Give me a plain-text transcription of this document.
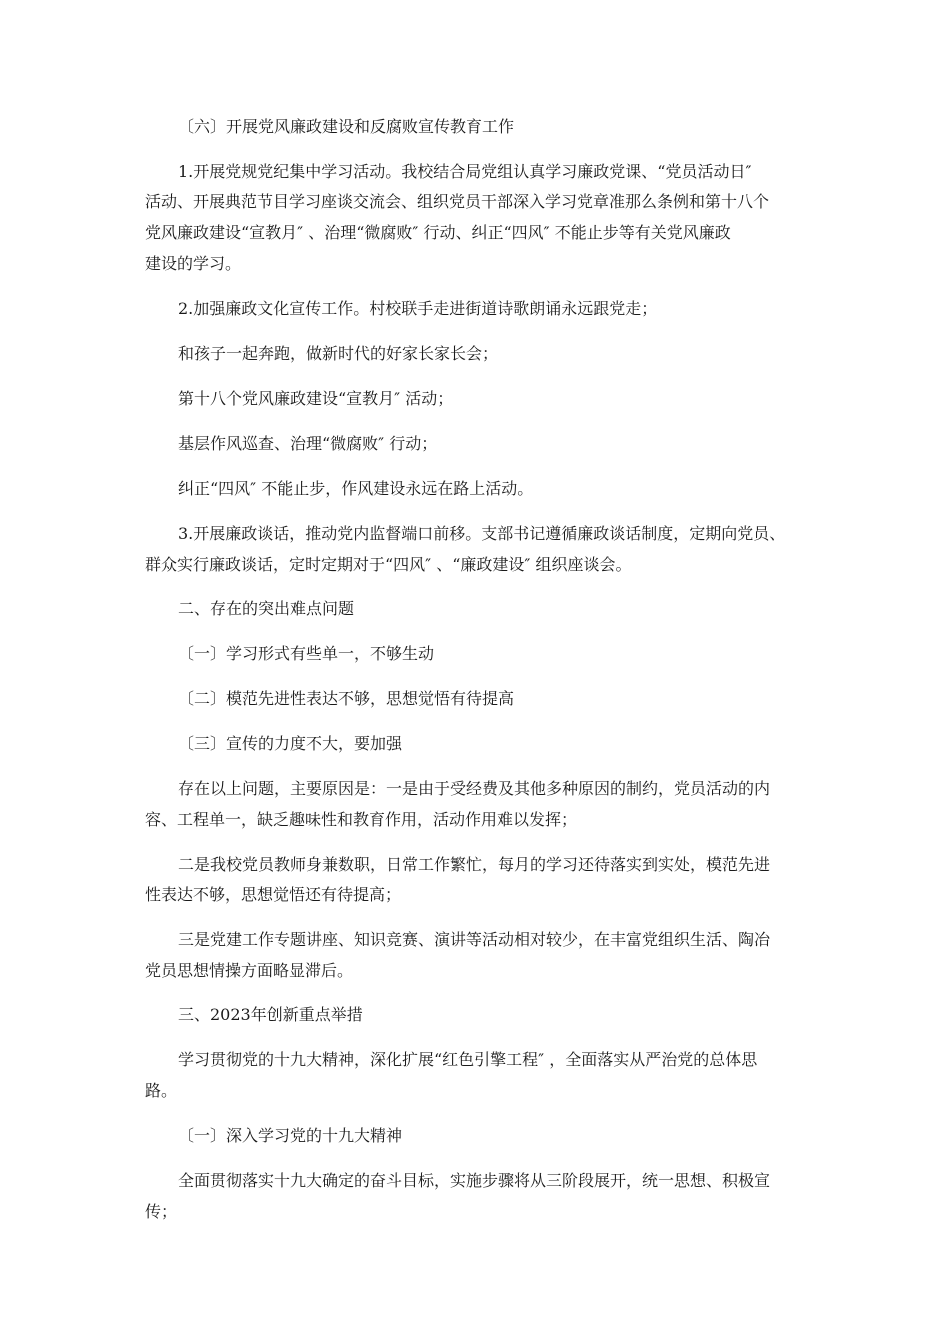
〔六〕开展党风廉政建设和反腐败宣传教育工作
1.开展党规党纪集中学习活动。我校结合局党组认真学习廉政党课、“党员活动日″
活动、开展典范节目学习座谈交流会、组织党员干部深入学习党章准那么条例和第十八个
党风廉政建设“宣教月″ 、治理“微腐败″ 行动、纠正“四风″ 不能止步等有关党风廉政
建设的学习。
2.加强廉政文化宣传工作。村校联手走进街道诗歌朗诵永远跟党走；
和孩子一起奔跑，做新时代的好家长家长会；
第十八个党风廉政建设“宣教月″ 活动；
基层作风巡查、治理“微腐败″ 行动；
纠正“四风″ 不能止步，作风建设永远在路上活动。
3.开展廉政谈话，推动党内监督端口前移。支部书记遵循廉政谈话制度，定期向党员、
群众实行廉政谈话，定时定期对于“四风″ 、“廉政建设″ 组织座谈会。
二、存在的突出难点问题
〔一〕学习形式有些单一，不够生动
〔二〕模范先进性表达不够，思想觉悟有待提高
〔三〕宣传的力度不大，要加强
存在以上问题，主要原因是：一是由于受经费及其他多种原因的制约，党员活动的内
容、工程单一，缺乏趣味性和教育作用，活动作用难以发挥；
二是我校党员教师身兼数职，日常工作繁忙，每月的学习还待落实到实处，模范先进
性表达不够，思想觉悟还有待提高；
三是党建工作专题讲座、知识竞赛、演讲等活动相对较少，在丰富党组织生活、陶冶
党员思想情操方面略显滞后。
三、2023年创新重点举措
学习贯彻党的十九大精神，深化扩展“红色引擎工程″ ，全面落实从严治党的总体思
路。
〔一〕深入学习党的十九大精神
全面贯彻落实十九大确定的奋斗目标，实施步骤将从三阶段展开，统一思想、积极宣
传；
